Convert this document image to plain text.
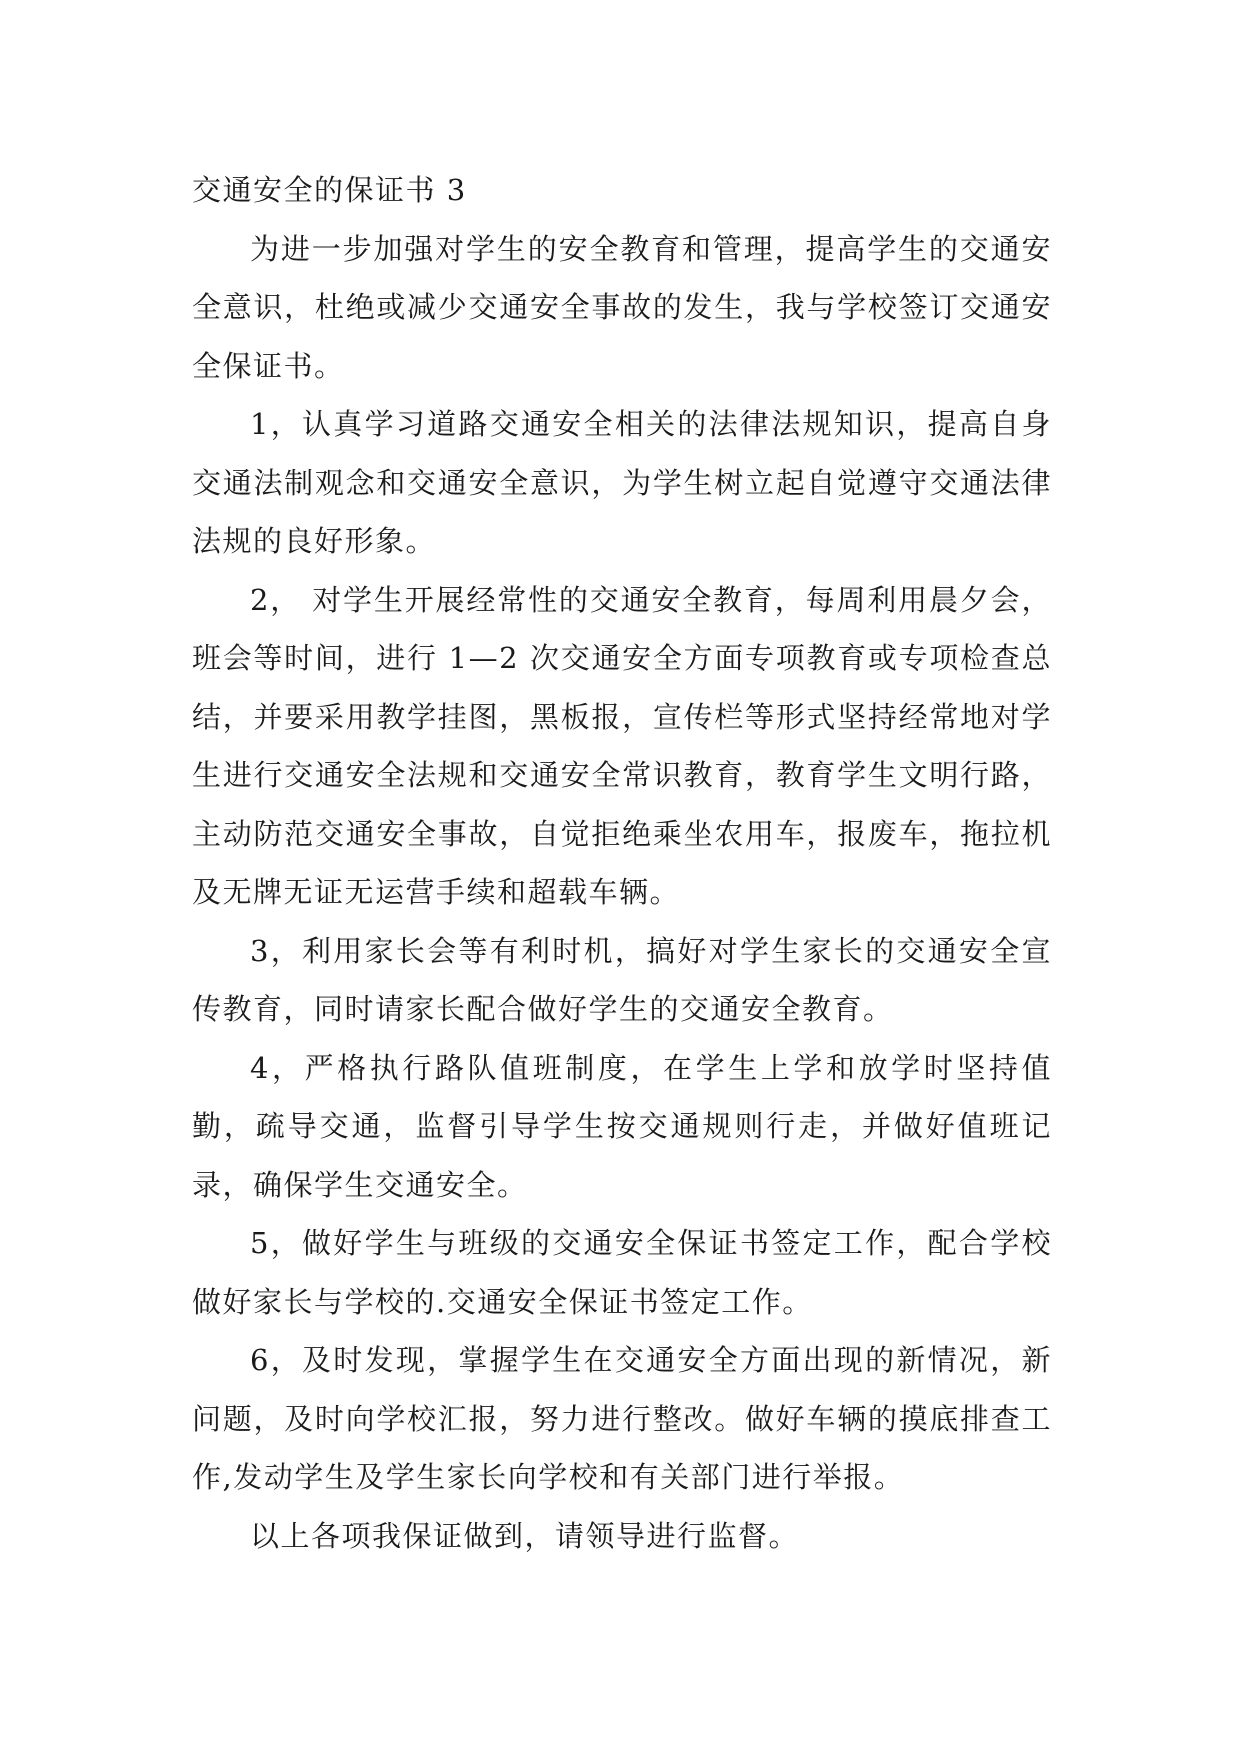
交通安全的保证书 3

为进一步加强对学生的安全教育和管理，提高学生的交通安全意识，杜绝或减少交通安全事故的发生，我与学校签订交通安全保证书。

1，认真学习道路交通安全相关的法律法规知识，提高自身交通法制观念和交通安全意识，为学生树立起自觉遵守交通法律法规的良好形象。

2， 对学生开展经常性的交通安全教育，每周利用晨夕会，班会等时间，进行 1—2 次交通安全方面专项教育或专项检查总结，并要采用教学挂图，黑板报，宣传栏等形式坚持经常地对学生进行交通安全法规和交通安全常识教育，教育学生文明行路，主动防范交通安全事故，自觉拒绝乘坐农用车，报废车，拖拉机及无牌无证无运营手续和超载车辆。

3，利用家长会等有利时机，搞好对学生家长的交通安全宣传教育，同时请家长配合做好学生的交通安全教育。

4，严格执行路队值班制度，在学生上学和放学时坚持值勤，疏导交通，监督引导学生按交通规则行走，并做好值班记录，确保学生交通安全。

5，做好学生与班级的交通安全保证书签定工作，配合学校做好家长与学校的.交通安全保证书签定工作。

6，及时发现，掌握学生在交通安全方面出现的新情况，新问题，及时向学校汇报，努力进行整改。做好车辆的摸底排查工作,发动学生及学生家长向学校和有关部门进行举报。

以上各项我保证做到，请领导进行监督。
